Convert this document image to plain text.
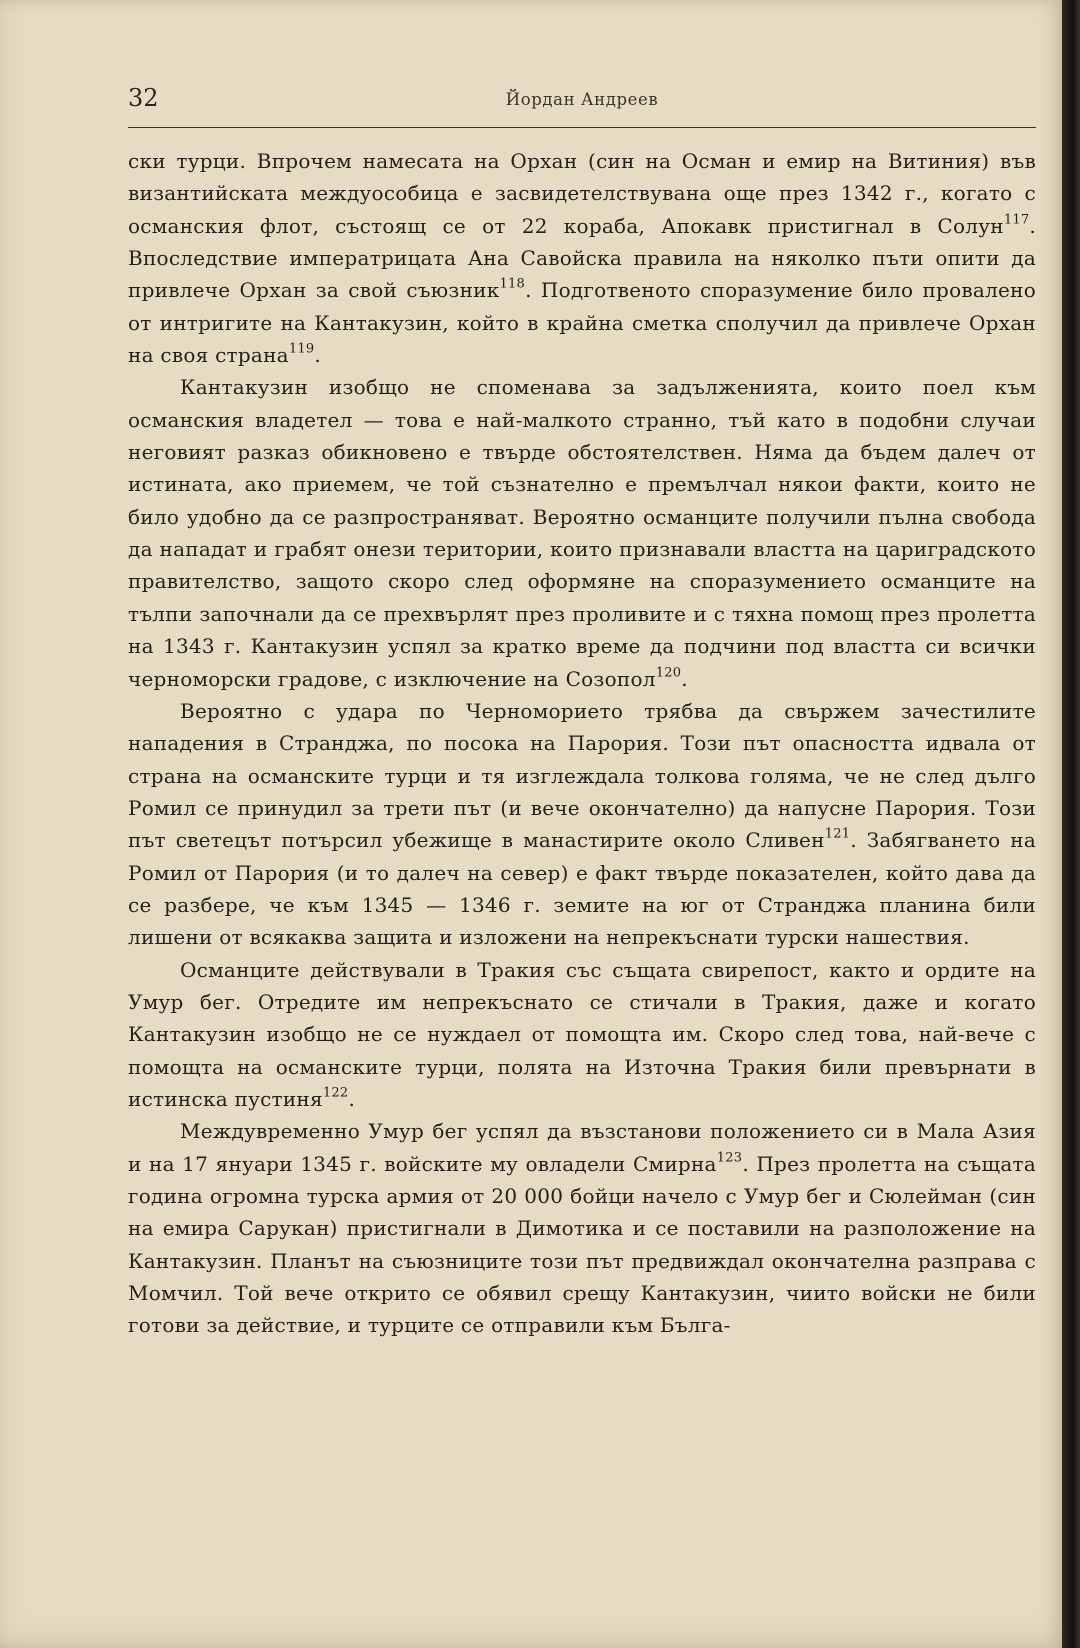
32	Йордан Андреев

ски турци. Впрочем намесата на Орхан (син на Осман и емир на Витиния) във византийската междуособица е засвидетелствувана още през 1342 г., когато с османския флот, състоящ се от 22 кораба, Апокавк пристигнал в Солун$^{117}$. Впоследствие императрицата Ана Савойска правила на няколко пъти опити да привлече Орхан за свой съюзник$^{118}$. Подготвеното споразумение било провалено от интригите на Кантакузин, който в крайна сметка сполучил да привлече Орхан на своя страна$^{119}$.

Кантакузин изобщо не споменава за задълженията, които поел към османския владетел — това е най-малкото странно, тъй като в подобни случаи неговият разказ обикновено е твърде обстоятелствен. Няма да бъдем далеч от истината, ако приемем, че той съзнателно е премълчал някои факти, които не било удобно да се разпространяват. Вероятно османците получили пълна свобода да нападат и грабят онези територии, които признавали властта на цариградското правителство, защото скоро след оформяне на споразумението османците на тълпи започнали да се прехвърлят през проливите и с тяхна помощ през пролетта на 1343 г. Кантакузин успял за кратко време да подчини под властта си всички черноморски градове, с изключение на Созопол$^{120}$.

Вероятно с удара по Черноморието трябва да свържем зачестилите нападения в Странджа, по посока на Парория. Този път опасността идвала от страна на османските турци и тя изглеждала толкова голяма, че не след дълго Ромил се принудил за трети път (и вече окончателно) да напусне Парория. Този път светецът потърсил убежище в манастирите около Сливен$^{121}$. Забягването на Ромил от Парория (и то далеч на север) е факт твърде показателен, който дава да се разбере, че към 1345 — 1346 г. земите на юг от Странджа планина били лишени от всякаква защита и изложени на непрекъснати турски нашествия.

Османците действували в Тракия със същата свирепост, както и ордите на Умур бег. Отредите им непрекъснато се стичали в Тракия, даже и когато Кантакузин изобщо не се нуждаел от помощта им. Скоро след това, най-вече с помощта на османските турци, полята на Източна Тракия били превърнати в истинска пустиня$^{122}$.

Междувременно Умур бег успял да възстанови положението си в Мала Азия и на 17 януари 1345 г. войските му овладели Смирна$^{123}$. През пролетта на същата година огромна турска армия от 20 000 бойци начело с Умур бег и Сюлейман (син на емира Сарукан) пристигнали в Димотика и се поставили на разположение на Кантакузин. Планът на съюзниците този път предвиждал окончателна разправа с Момчил. Той вече открито се обявил срещу Кантакузин, чиито войски не били готови за действие, и турците се отправили към Бълга-
